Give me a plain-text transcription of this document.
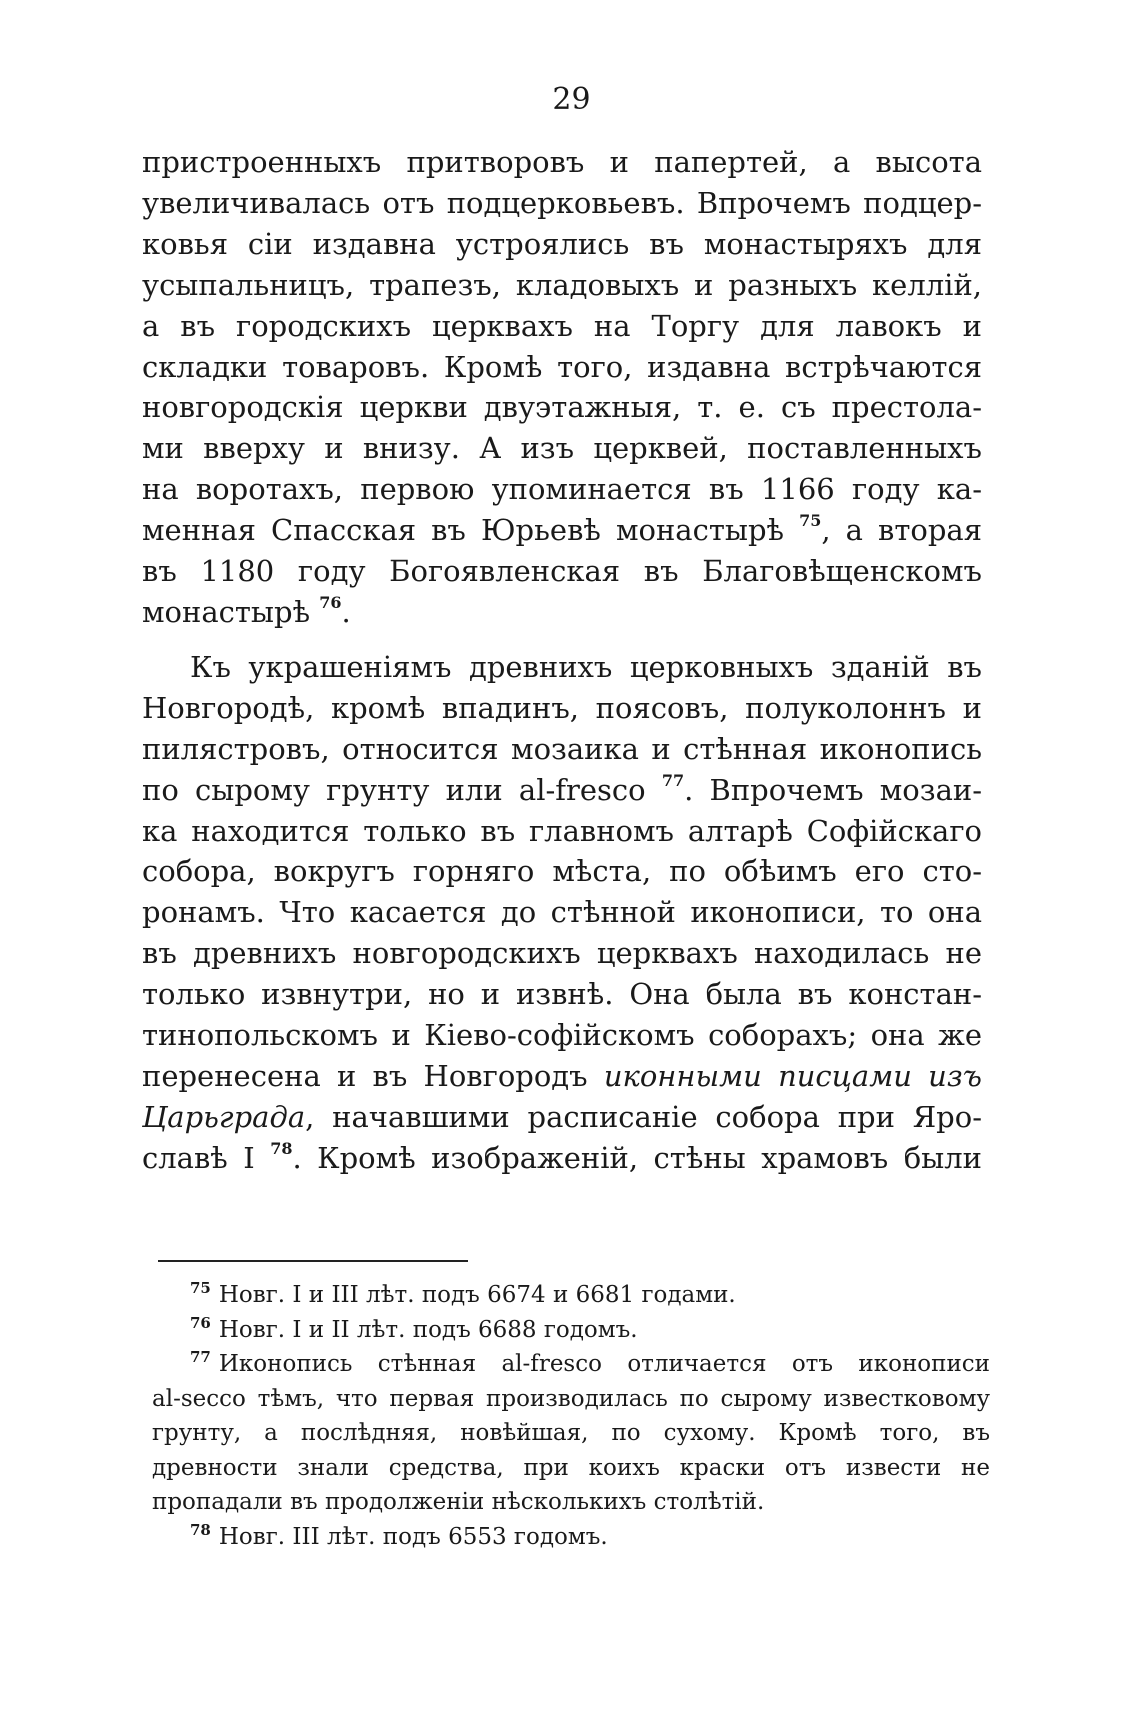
29

пристроенныхъ притворовъ и папертей, а высота
увеличивалась отъ подцерковьевъ. Впрочемъ подцер-
ковья сіи издавна устроялись въ монастыряхъ для
усыпальницъ, трапезъ, кладовыхъ и разныхъ келлій,
а въ городскихъ церквахъ на Торгу для лавокъ и
складки товаровъ. Кромѣ того, издавна встрѣчаются
новгородскія церкви двуэтажныя, т. е. съ престола-
ми вверху и внизу. А изъ церквей, поставленныхъ
на воротахъ, первою упоминается въ 1166 году ка-
менная Спасская въ Юрьевѣ монастырѣ $^{75}$, а вторая
въ 1180 году Богоявленская въ Благовѣщенскомъ
монастырѣ $^{76}$.

Къ украшеніямъ древнихъ церковныхъ зданій въ
Новгородѣ, кромѣ впадинъ, поясовъ, полуколоннъ и
пилястровъ, относится мозаика и стѣнная иконопись
по сырому грунту или al-fresco $^{77}$. Впрочемъ мозаи-
ка находится только въ главномъ алтарѣ Софійскаго
собора, вокругъ горняго мѣста, по обѣимъ его сто-
ронамъ. Что касается до стѣнной иконописи, то она
въ древнихъ новгородскихъ церквахъ находилась не
только извнутри, но и извнѣ. Она была въ констан-
тинопольскомъ и Кіево-софійскомъ соборахъ; она же
перенесена и въ Новгородъ иконными писцами изъ
Царьграда, начавшими расписаніе собора при Яро-
славѣ I $^{78}$. Кромѣ изображеній, стѣны храмовъ были

$^{75}$ Новг. I и III лѣт. подъ 6674 и 6681 годами.

$^{76}$ Новг. I и II лѣт. подъ 6688 годомъ.

$^{77}$ Иконопись стѣнная al-fresco отличается отъ иконописи
al-secco тѣмъ, что первая производилась по сырому известковому
грунту, а послѣдняя, новѣйшая, по сухому. Кромѣ того, въ
древности знали средства, при коихъ краски отъ извести не
пропадали въ продолженіи нѣсколькихъ столѣтій.

$^{78}$ Новг. III лѣт. подъ 6553 годомъ.
